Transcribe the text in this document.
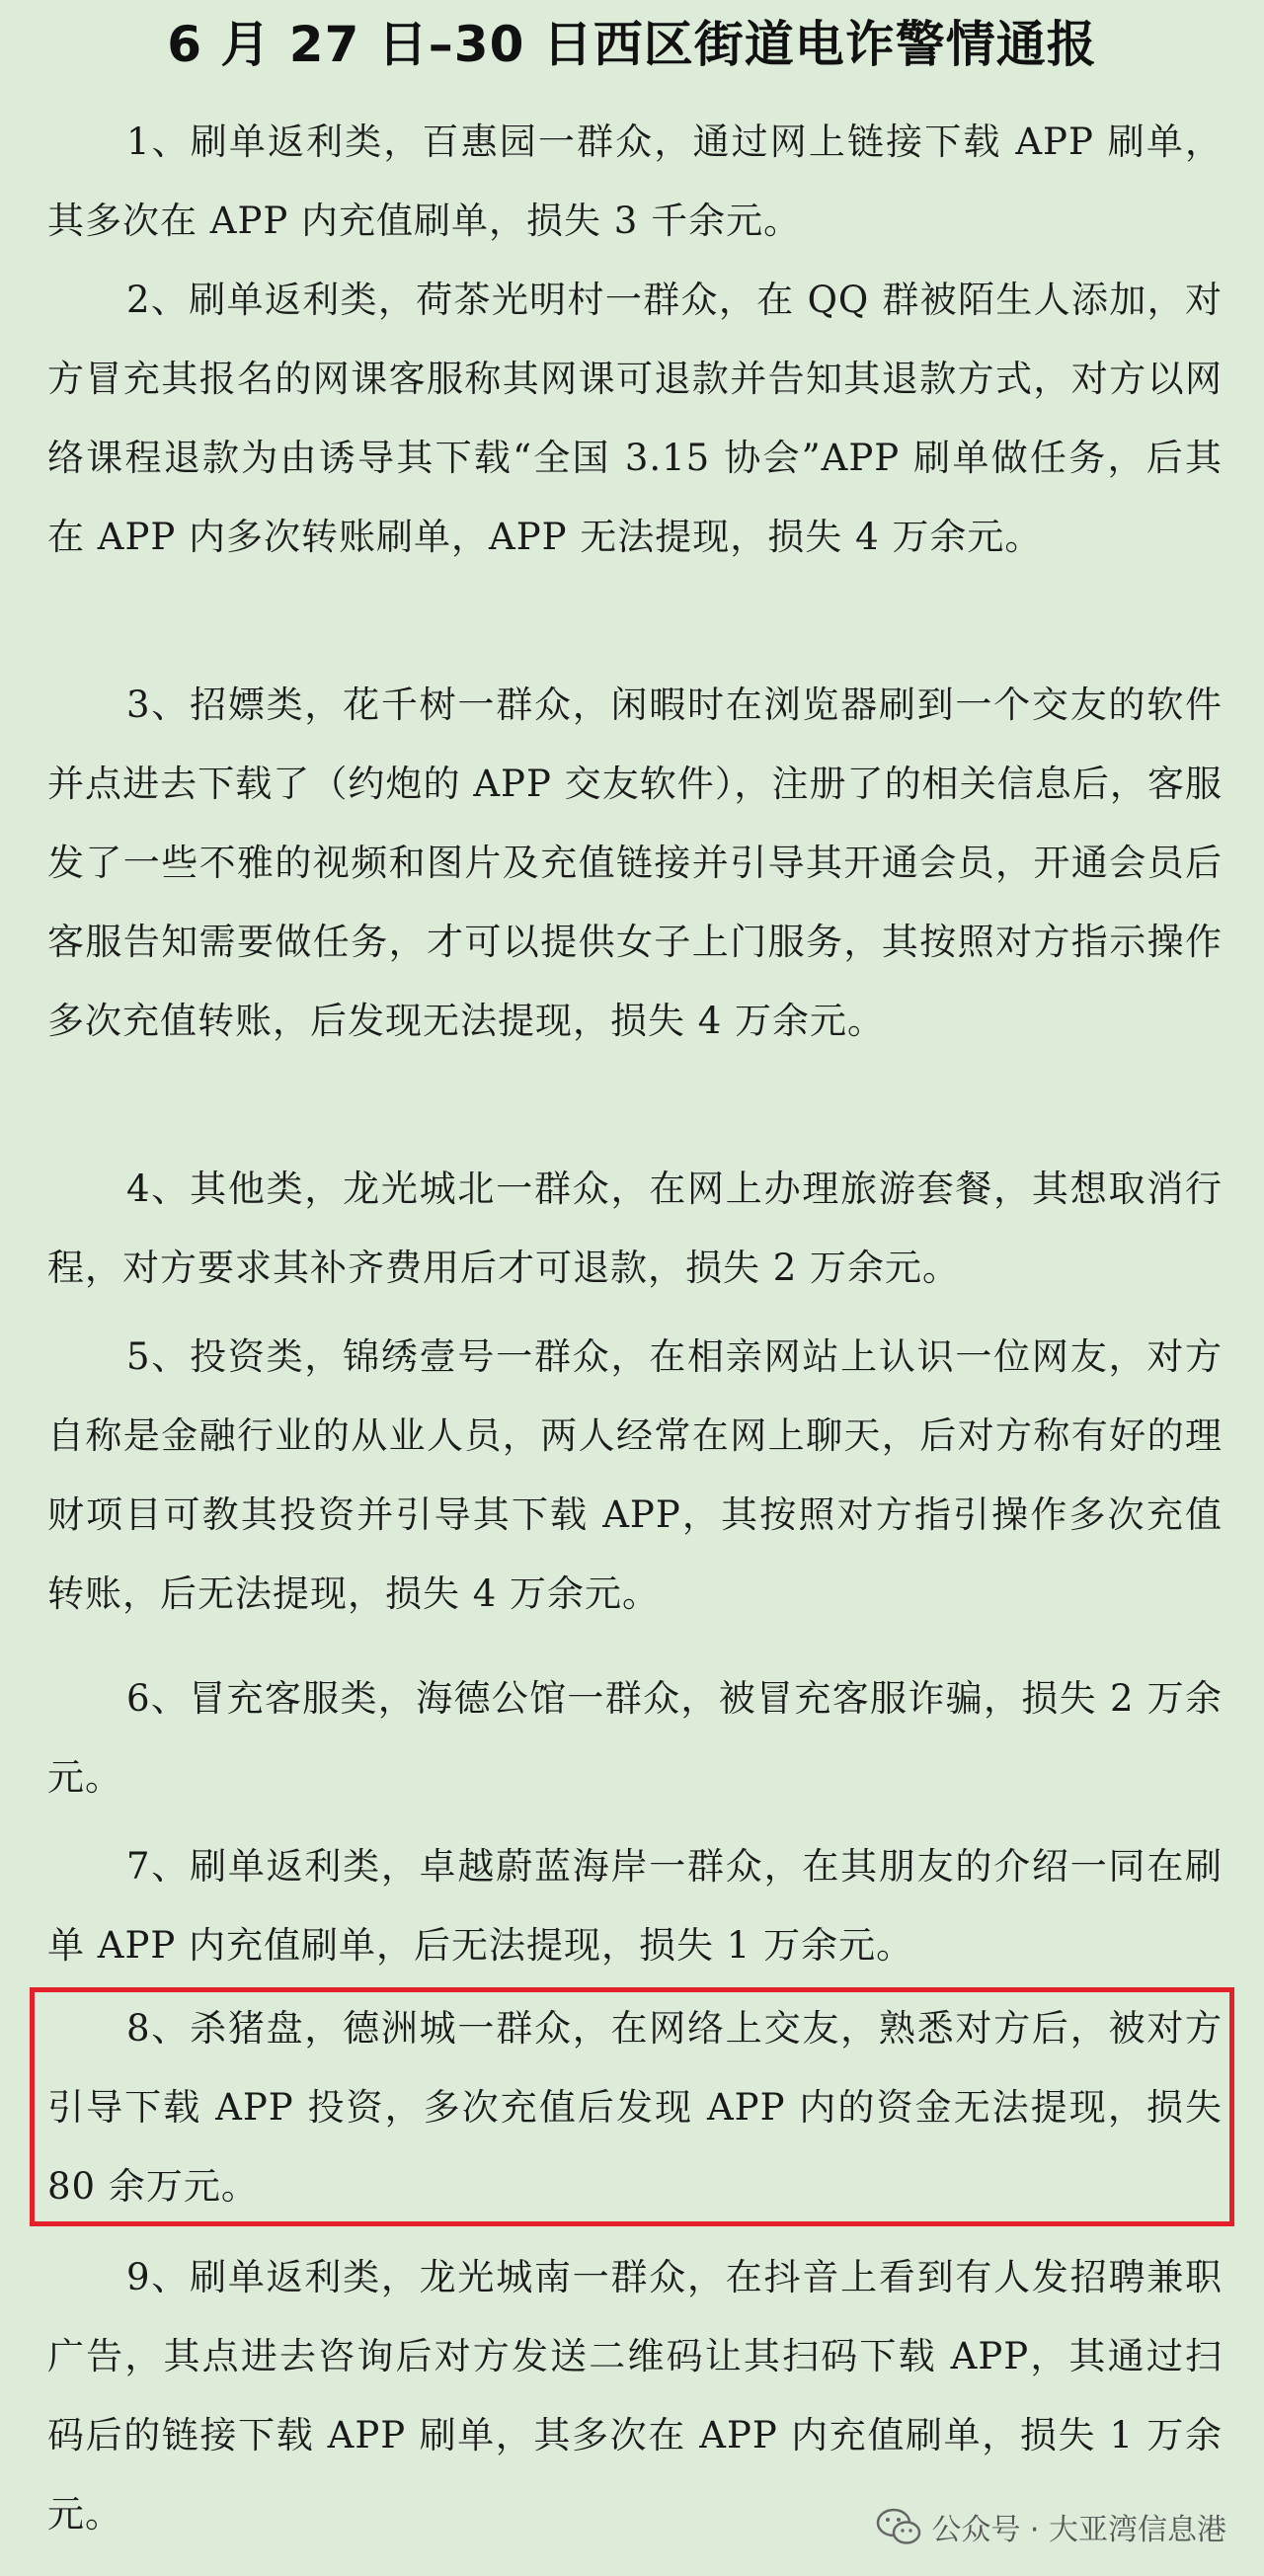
6 月 27 日–30 日西区街道电诈警情通报

1、刷单返利类，百惠园一群众，通过网上链接下载 APP 刷单，其多次在 APP 内充值刷单，损失 3 千余元。

2、刷单返利类，荷茶光明村一群众，在 QQ 群被陌生人添加，对方冒充其报名的网课客服称其网课可退款并告知其退款方式，对方以网络课程退款为由诱导其下载“全国 3.15 协会”APP 刷单做任务，后其在 APP 内多次转账刷单，APP 无法提现，损失 4 万余元。

3、招嫖类，花千树一群众，闲暇时在浏览器刷到一个交友的软件并点进去下载了（约炮的 APP 交友软件），注册了的相关信息后，客服发了一些不雅的视频和图片及充值链接并引导其开通会员，开通会员后客服告知需要做任务，才可以提供女子上门服务，其按照对方指示操作多次充值转账，后发现无法提现，损失 4 万余元。

4、其他类，龙光城北一群众，在网上办理旅游套餐，其想取消行程，对方要求其补齐费用后才可退款，损失 2 万余元。

5、投资类，锦绣壹号一群众，在相亲网站上认识一位网友，对方自称是金融行业的从业人员，两人经常在网上聊天，后对方称有好的理财项目可教其投资并引导其下载 APP，其按照对方指引操作多次充值转账，后无法提现，损失 4 万余元。

6、冒充客服类，海德公馆一群众，被冒充客服诈骗，损失 2 万余元。

7、刷单返利类，卓越蔚蓝海岸一群众，在其朋友的介绍一同在刷单 APP 内充值刷单，后无法提现，损失 1 万余元。

8、杀猪盘，德洲城一群众，在网络上交友，熟悉对方后，被对方引导下载 APP 投资，多次充值后发现 APP 内的资金无法提现，损失 80 余万元。

9、刷单返利类，龙光城南一群众，在抖音上看到有人发招聘兼职广告，其点进去咨询后对方发送二维码让其扫码下载 APP，其通过扫码后的链接下载 APP 刷单，其多次在 APP 内充值刷单，损失 1 万余元。	公众号 · 大亚湾信息港
